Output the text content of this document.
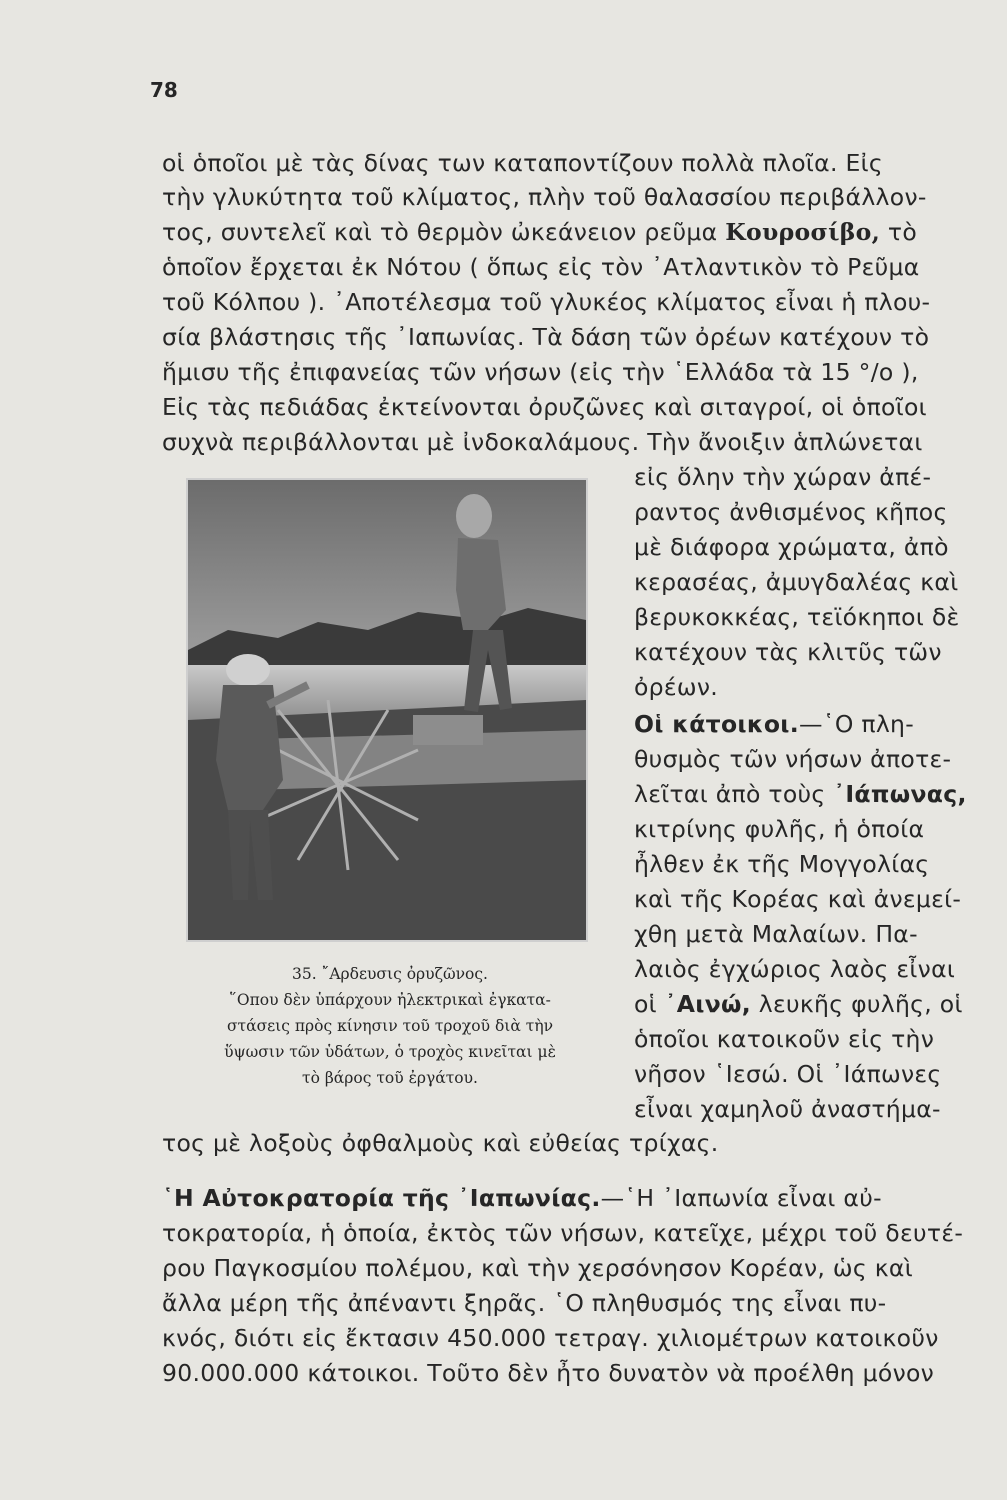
78
οἱ ὁποῖοι μὲ τὰς δίνας των καταποντίζουν πολλὰ πλοῖα. Εἰς
τὴν γλυκύτητα τοῦ κλίματος, πλὴν τοῦ θαλασσίου περιβάλλον-
τος, συντελεῖ καὶ τὸ θερμὸν ὠκεάνειον ρεῦμα Κουροσίβο, τὸ
ὁποῖον ἔρχεται ἐκ Νότου ( ὅπως εἰς τὸν ᾿Ατλαντικὸν τὸ Ρεῦμα
τοῦ Κόλπου ). ᾿Αποτέλεσμα τοῦ γλυκέος κλίματος εἶναι ἡ πλου-
σία βλάστησις τῆς ᾿Ιαπωνίας. Τὰ δάση τῶν ὀρέων κατέχουν τὸ
ἥμισυ τῆς ἐπιφανείας τῶν νήσων (εἰς τὴν ῾Ελλάδα τὰ 15 °/ο ),
Εἰς τὰς πεδιάδας ἐκτείνονται ὀρυζῶνες καὶ σιταγροί, οἱ ὁποῖοι
συχνὰ περιβάλλονται μὲ ἰνδοκαλάμους. Τὴν ἄνοιξιν ἁπλώνεται
εἰς ὅλην τὴν χώραν ἀπέ-
ραντος ἀνθισμένος κῆπος
μὲ διάφορα χρώματα, ἀπὸ
κερασέας, ἀμυγδαλέας καὶ
βερυκοκκέας, τεϊόκηποι δὲ
κατέχουν τὰς κλιτῦς τῶν
ὀρέων.
Οἱ κάτοικοι.—῾Ο πλη-
θυσμὸς τῶν νήσων ἀποτε-
λεῖται ἀπὸ τοὺς ᾿Ιάπωνας,
κιτρίνης φυλῆς, ἡ ὁποία
ἦλθεν ἐκ τῆς Μογγολίας
καὶ τῆς Κορέας καὶ ἀνεμεί-
χθη μετὰ Μαλαίων. Πα-
λαιὸς ἐγχώριος λαὸς εἶναι
οἱ ᾿Αινώ, λευκῆς φυλῆς, οἱ
ὁποῖοι κατοικοῦν εἰς τὴν
νῆσον ῾Ιεσώ. Οἱ ᾿Ιάπωνες
εἶναι χαμηλοῦ ἀναστήμα-
35. ῎Αρδευσις ὀρυζῶνος.
῞Οπου δὲν ὑπάρχουν ἠλεκτρικαὶ ἐγκατα-
στάσεις πρὸς κίνησιν τοῦ τροχοῦ διὰ τὴν
ὕψωσιν τῶν ὑδάτων, ὁ τροχὸς κινεῖται μὲ
τὸ βάρος τοῦ ἐργάτου.
τος μὲ λοξοὺς ὀφθαλμοὺς καὶ εὐθείας τρίχας.
῾Η Αὐτοκρατορία τῆς ᾿Ιαπωνίας.—῾Η ᾿Ιαπωνία εἶναι αὐ-
τοκρατορία, ἡ ὁποία, ἐκτὸς τῶν νήσων, κατεῖχε, μέχρι τοῦ δευτέ-
ρου Παγκοσμίου πολέμου, καὶ τὴν χερσόνησον Κορέαν, ὡς καὶ
ἄλλα μέρη τῆς ἀπέναντι ξηρᾶς. ῾Ο πληθυσμός της εἶναι πυ-
κνός, διότι εἰς ἔκτασιν 450.000 τετραγ. χιλιομέτρων κατοικοῦν
90.000.000 κάτοικοι. Τοῦτο δὲν ἦτο δυνατὸν νὰ προέλθη μόνον
